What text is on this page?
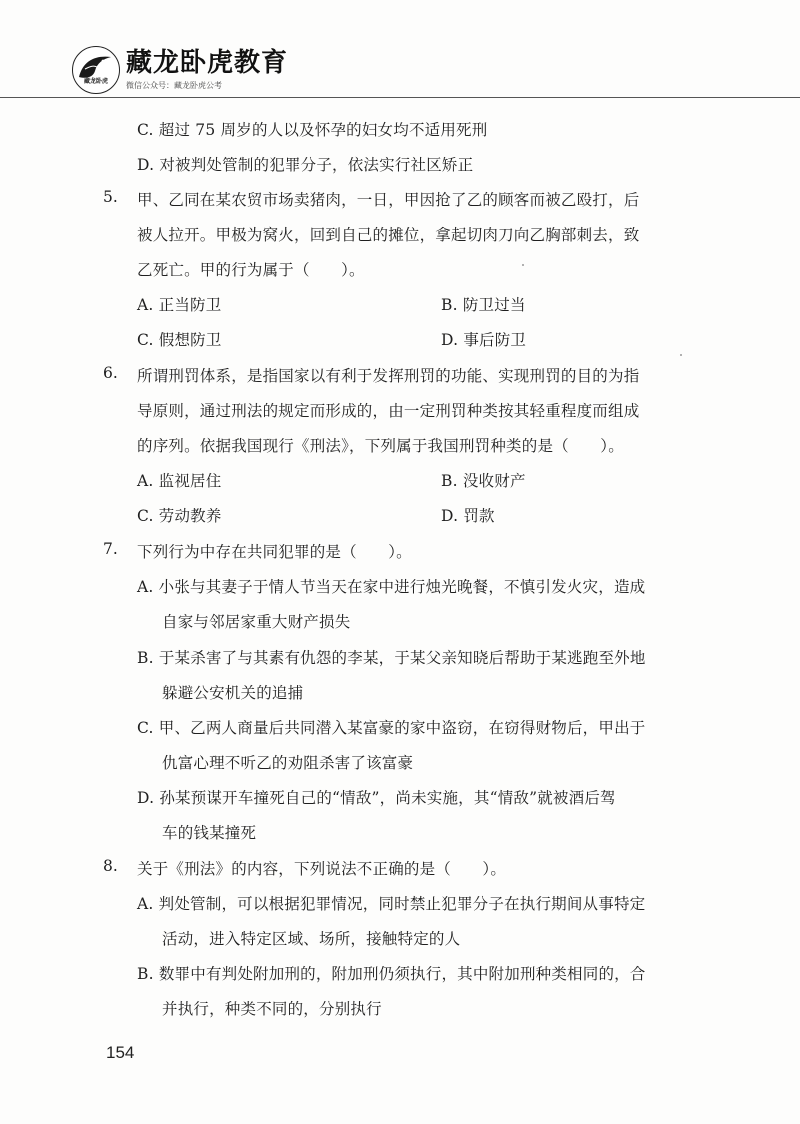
藏龙卧虎
藏龙卧虎教育
微信公众号：藏龙卧虎公考
C. 超过 75 周岁的人以及怀孕的妇女均不适用死刑
D. 对被判处管制的犯罪分子，依法实行社区矫正
5. 甲、乙同在某农贸市场卖猪肉，一日，甲因抢了乙的顾客而被乙殴打，后
被人拉开。甲极为窝火，回到自己的摊位，拿起切肉刀向乙胸部刺去，致
乙死亡。甲的行为属于（　　）。
A. 正当防卫	B. 防卫过当
C. 假想防卫	D. 事后防卫
6. 所谓刑罚体系，是指国家以有利于发挥刑罚的功能、实现刑罚的目的为指
导原则，通过刑法的规定而形成的，由一定刑罚种类按其轻重程度而组成
的序列。依据我国现行《刑法》，下列属于我国刑罚种类的是（　　）。
A. 监视居住	B. 没收财产
C. 劳动教养	D. 罚款
7. 下列行为中存在共同犯罪的是（　　）。
A. 小张与其妻子于情人节当天在家中进行烛光晚餐，不慎引发火灾，造成
自家与邻居家重大财产损失
B. 于某杀害了与其素有仇怨的李某，于某父亲知晓后帮助于某逃跑至外地
躲避公安机关的追捕
C. 甲、乙两人商量后共同潜入某富豪的家中盗窃，在窃得财物后，甲出于
仇富心理不听乙的劝阻杀害了该富豪
D. 孙某预谋开车撞死自己的“情敌”，尚未实施，其“情敌”就被酒后驾
车的钱某撞死
8. 关于《刑法》的内容，下列说法不正确的是（　　）。
A. 判处管制，可以根据犯罪情况，同时禁止犯罪分子在执行期间从事特定
活动，进入特定区域、场所，接触特定的人
B. 数罪中有判处附加刑的，附加刑仍须执行，其中附加刑种类相同的，合
并执行，种类不同的，分别执行
154
